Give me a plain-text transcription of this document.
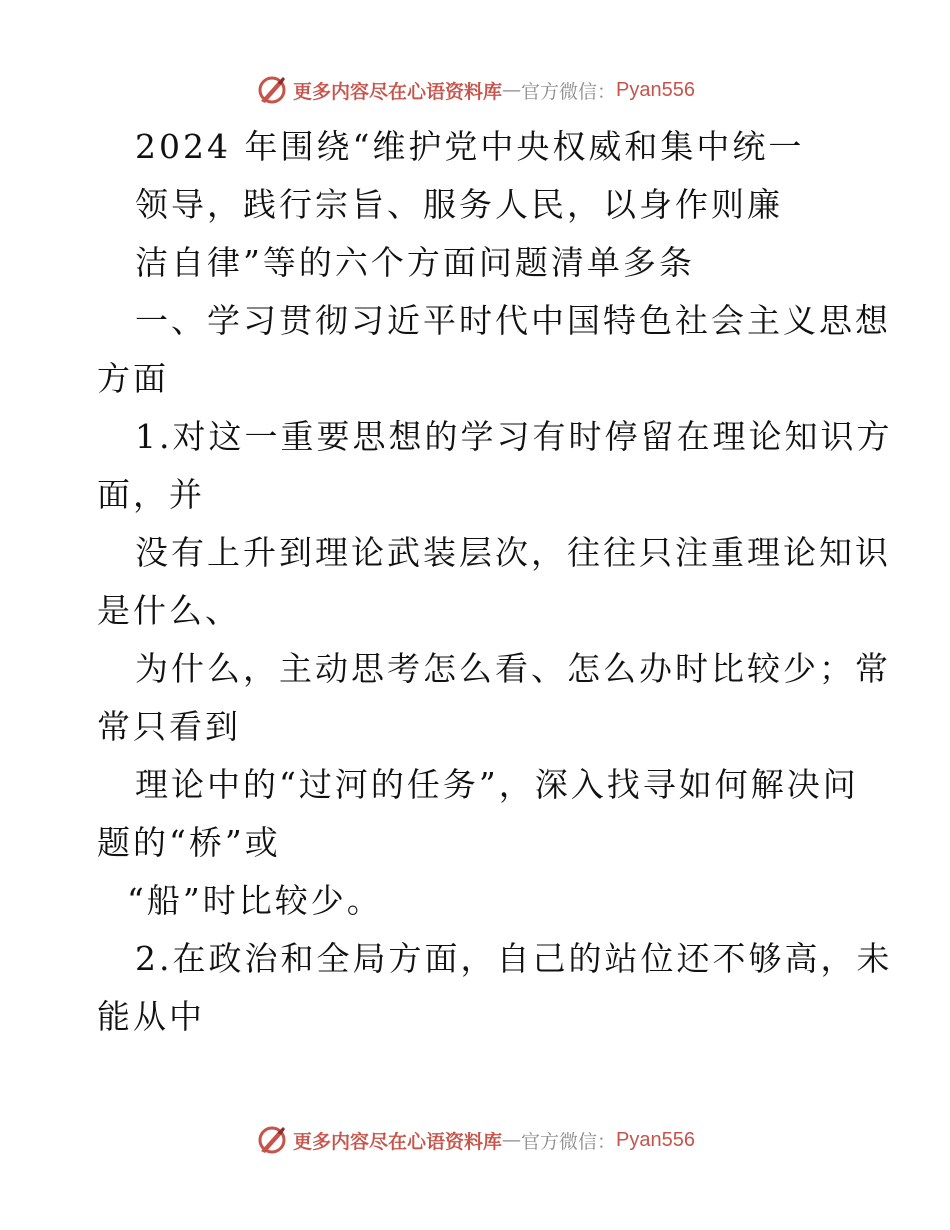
更多内容尽在心语资料库 — 官方微信： Pyan556
2024 年围绕“维护党中央权威和集中统一
领导，践行宗旨、服务人民，以身作则廉
洁自律”等的六个方面问题清单多条
一、学习贯彻习近平时代中国特色社会主义思想
方面
1.对这一重要思想的学习有时停留在理论知识方
面，并
没有上升到理论武装层次，往往只注重理论知识
是什么、
为什么，主动思考怎么看、怎么办时比较少；常
常只看到
理论中的“过河的任务”，深入找寻如何解决问
题的“桥”或
“船”时比较少。
2.在政治和全局方面，自己的站位还不够高，未
能从中
更多内容尽在心语资料库 — 官方微信： Pyan556
